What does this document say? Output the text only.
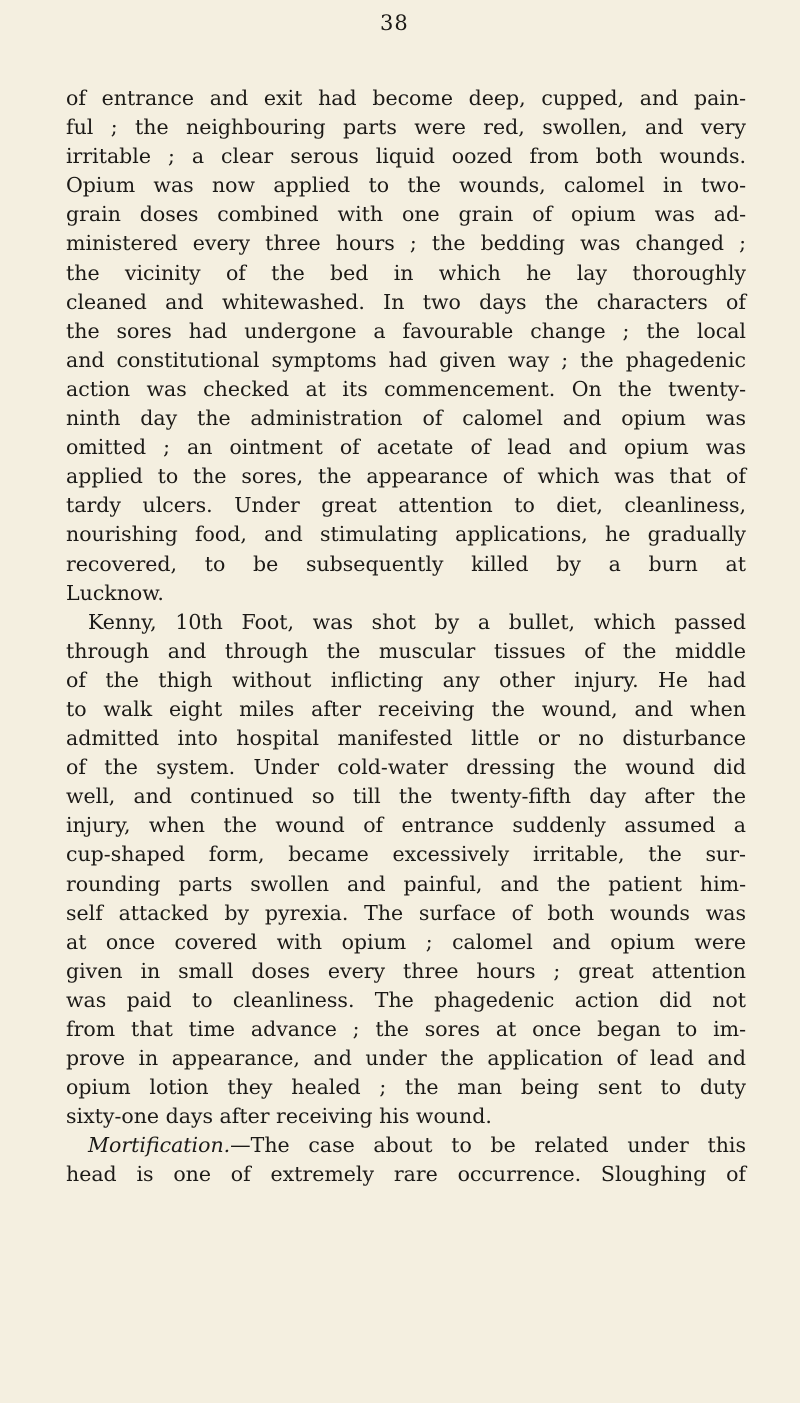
38
of entrance and exit had become deep, cupped, and pain-
ful ; the neighbouring parts were red, swollen, and very
irritable ; a clear serous liquid oozed from both wounds.
Opium was now applied to the wounds, calomel in two-
grain doses combined with one grain of opium was ad-
ministered every three hours ; the bedding was changed ;
the vicinity of the bed in which he lay thoroughly
cleaned and whitewashed. In two days the characters of
the sores had undergone a favourable change ; the local
and constitutional symptoms had given way ; the phagedenic
action was checked at its commencement. On the twenty-
ninth day the administration of calomel and opium was
omitted ; an ointment of acetate of lead and opium was
applied to the sores, the appearance of which was that of
tardy ulcers. Under great attention to diet, cleanliness,
nourishing food, and stimulating applications, he gradually
recovered, to be subsequently killed by a burn at
Lucknow.
Kenny, 10th Foot, was shot by a bullet, which passed
through and through the muscular tissues of the middle
of the thigh without inflicting any other injury. He had
to walk eight miles after receiving the wound, and when
admitted into hospital manifested little or no disturbance
of the system. Under cold-water dressing the wound did
well, and continued so till the twenty-fifth day after the
injury, when the wound of entrance suddenly assumed a
cup-shaped form, became excessively irritable, the sur-
rounding parts swollen and painful, and the patient him-
self attacked by pyrexia. The surface of both wounds was
at once covered with opium ; calomel and opium were
given in small doses every three hours ; great attention
was paid to cleanliness. The phagedenic action did not
from that time advance ; the sores at once began to im-
prove in appearance, and under the application of lead and
opium lotion they healed ; the man being sent to duty
sixty-one days after receiving his wound.
Mortification.—The case about to be related under this
head is one of extremely rare occurrence. Sloughing of
